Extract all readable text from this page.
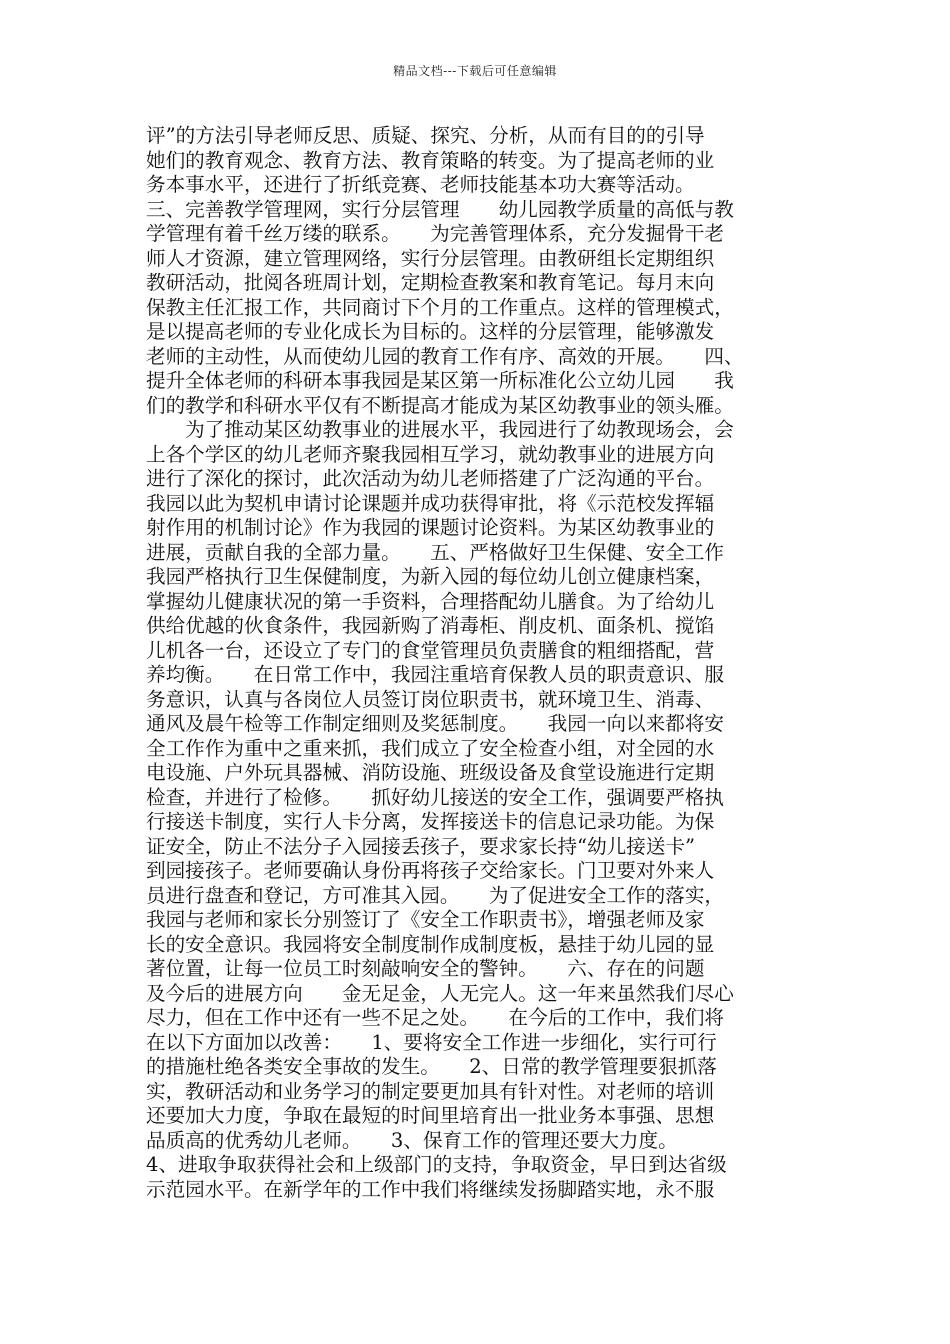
精品文档---下载后可任意编辑
评”的方法引导老师反思、质疑、探究、分析，从而有目的的引导
她们的教育观念、教育方法、教育策略的转变。为了提高老师的业
务本事水平，还进行了折纸竞赛、老师技能基本功大赛等活动。
三、完善教学管理网，实行分层管理　　幼儿园教学质量的高低与教
学管理有着千丝万缕的联系。　　为完善管理体系，充分发掘骨干老
师人才资源，建立管理网络，实行分层管理。由教研组长定期组织
教研活动，批阅各班周计划，定期检查教案和教育笔记。每月末向
保教主任汇报工作，共同商讨下个月的工作重点。这样的管理模式，
是以提高老师的专业化成长为目标的。这样的分层管理，能够激发
老师的主动性，从而使幼儿园的教育工作有序、高效的开展。　　四、
提升全体老师的科研本事我园是某区第一所标准化公立幼儿园　　我
们的教学和科研水平仅有不断提高才能成为某区幼教事业的领头雁。
　　为了推动某区幼教事业的进展水平，我园进行了幼教现场会，会
上各个学区的幼儿老师齐聚我园相互学习，就幼教事业的进展方向
进行了深化的探讨，此次活动为幼儿老师搭建了广泛沟通的平台。
我园以此为契机申请讨论课题并成功获得审批，将《示范校发挥辐
射作用的机制讨论》作为我园的课题讨论资料。为某区幼教事业的
进展，贡献自我的全部力量。　　五、严格做好卫生保健、安全工作
我园严格执行卫生保健制度，为新入园的每位幼儿创立健康档案，
掌握幼儿健康状况的第一手资料，合理搭配幼儿膳食。为了给幼儿
供给优越的伙食条件，我园新购了消毒柜、削皮机、面条机、搅馅
儿机各一台，还设立了专门的食堂管理员负责膳食的粗细搭配，营
养均衡。　　在日常工作中，我园注重培育保教人员的职责意识、服
务意识，认真与各岗位人员签订岗位职责书，就环境卫生、消毒、
通风及晨午检等工作制定细则及奖惩制度。　　我园一向以来都将安
全工作作为重中之重来抓，我们成立了安全检查小组，对全园的水
电设施、户外玩具器械、消防设施、班级设备及食堂设施进行定期
检查，并进行了检修。　　抓好幼儿接送的安全工作，强调要严格执
行接送卡制度，实行人卡分离，发挥接送卡的信息记录功能。为保
证安全，防止不法分子入园接丢孩子，要求家长持“幼儿接送卡”
到园接孩子。老师要确认身份再将孩子交给家长。门卫要对外来人
员进行盘查和登记，方可准其入园。　　为了促进安全工作的落实，
我园与老师和家长分别签订了《安全工作职责书》，增强老师及家
长的安全意识。我园将安全制度制作成制度板，悬挂于幼儿园的显
著位置，让每一位员工时刻敲响安全的警钟。　　六、存在的问题
及今后的进展方向　　金无足金，人无完人。这一年来虽然我们尽心
尽力，但在工作中还有一些不足之处。　　在今后的工作中，我们将
在以下方面加以改善：　　1、要将安全工作进一步细化，实行可行
的措施杜绝各类安全事故的发生。　　2、日常的教学管理要狠抓落
实，教研活动和业务学习的制定要更加具有针对性。对老师的培训
还要加大力度，争取在最短的时间里培育出一批业务本事强、思想
品质高的优秀幼儿老师。　　3、保育工作的管理还要大力度。
4、进取争取获得社会和上级部门的支持，争取资金，早日到达省级
示范园水平。在新学年的工作中我们将继续发扬脚踏实地，永不服
